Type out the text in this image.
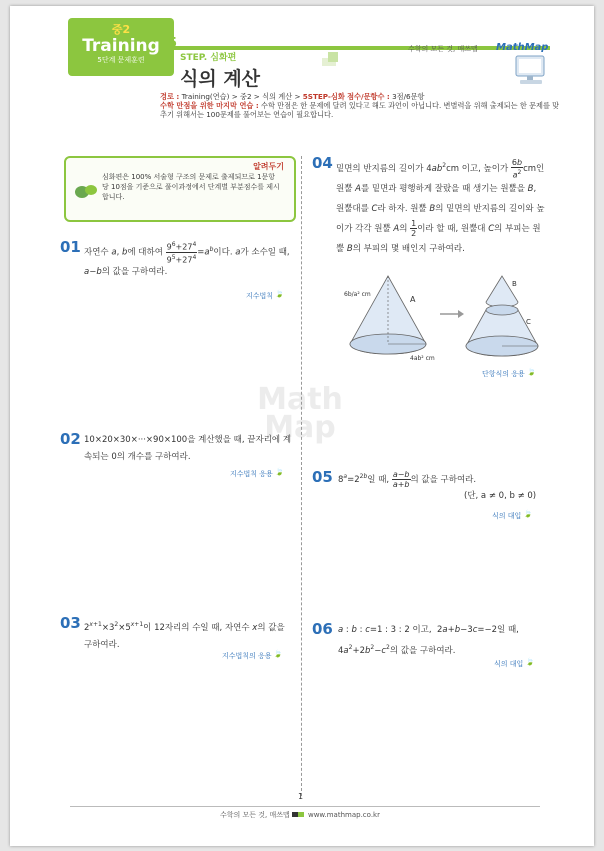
중2
Training
5단계 문제훈련
5
STEP. 심화편
식의 계산
수학의 모든 것, 매쓰맵 MathMap
경로 : Training(연습) > 중2 > 식의 계산 > 5STEP-심화 점수/문항수 : 3점/6문항
수학 만점을 위한 마지막 연습 : 수학 만점은 한 문제에 달려 있다고 해도 과언이 아닙니다. 변별력을 위해 출제되는 한 문제를 맞추기 위해서는 100문제를 풀어보는 연습이 필요합니다.
Math Map
알려두기
심화편은 100% 서술형 구조의 문제로 출제되므로 1문항 당 10점을 기준으로 풀이과정에서 단계별 부분점수를 제시합니다.
01 자연수 a, b에 대하여 $\frac{9^6+27^4}{9^5+27^4} =a^b$이다. a가 소수일 때, a−b의 값을 구하여라.
지수법칙 🍃
02 10×20×30×···×90×100을 계산했을 때, 끝자리에 계속되는 0의 개수를 구하여라.
지수법칙 응용 🍃
03 $2^{x+1}\times 3^2\times 5^{x+1}$이 12자리의 수일 때, 자연수 x의 값을 구하여라.
지수법칙의 응용 🍃
04 밑면의 반지름의 길이가 $4ab^2cm$ 이고, 높이가 $\frac{6b}{a^2}$ cm인 원뿔 A를 밑면과 평행하게 잘랐을 때 생기는 원뿔을 B, 원뿔대를 C라 하자. 원뿔 B의 밑면의 반지름의 길이와 높이가 각각 원뿔 A의 $\frac{1}{2}$ 이라 할 때, 원뿔대 C의 부피는 원뿔 B의 부피의 몇 배인지 구하여라.
A
B
C
6b/a² cm
4ab² cm
단항식의 응용 🍃
05 $8^a=2^{2b}$일 때, $\frac{a-b}{a+b}$ 의 값을 구하여라.
(단, a ≠ 0, b ≠ 0)
식의 대입 🍃
06 a : b : c=1 : 3 : 2 이고,  2a+b−3c=−2일 때, $4a^2+2b^2-c^2$의 값을 구하여라.
식의 대입 🍃
1
수학의 모든 것, 매쓰맵 www.mathmap.co.kr
